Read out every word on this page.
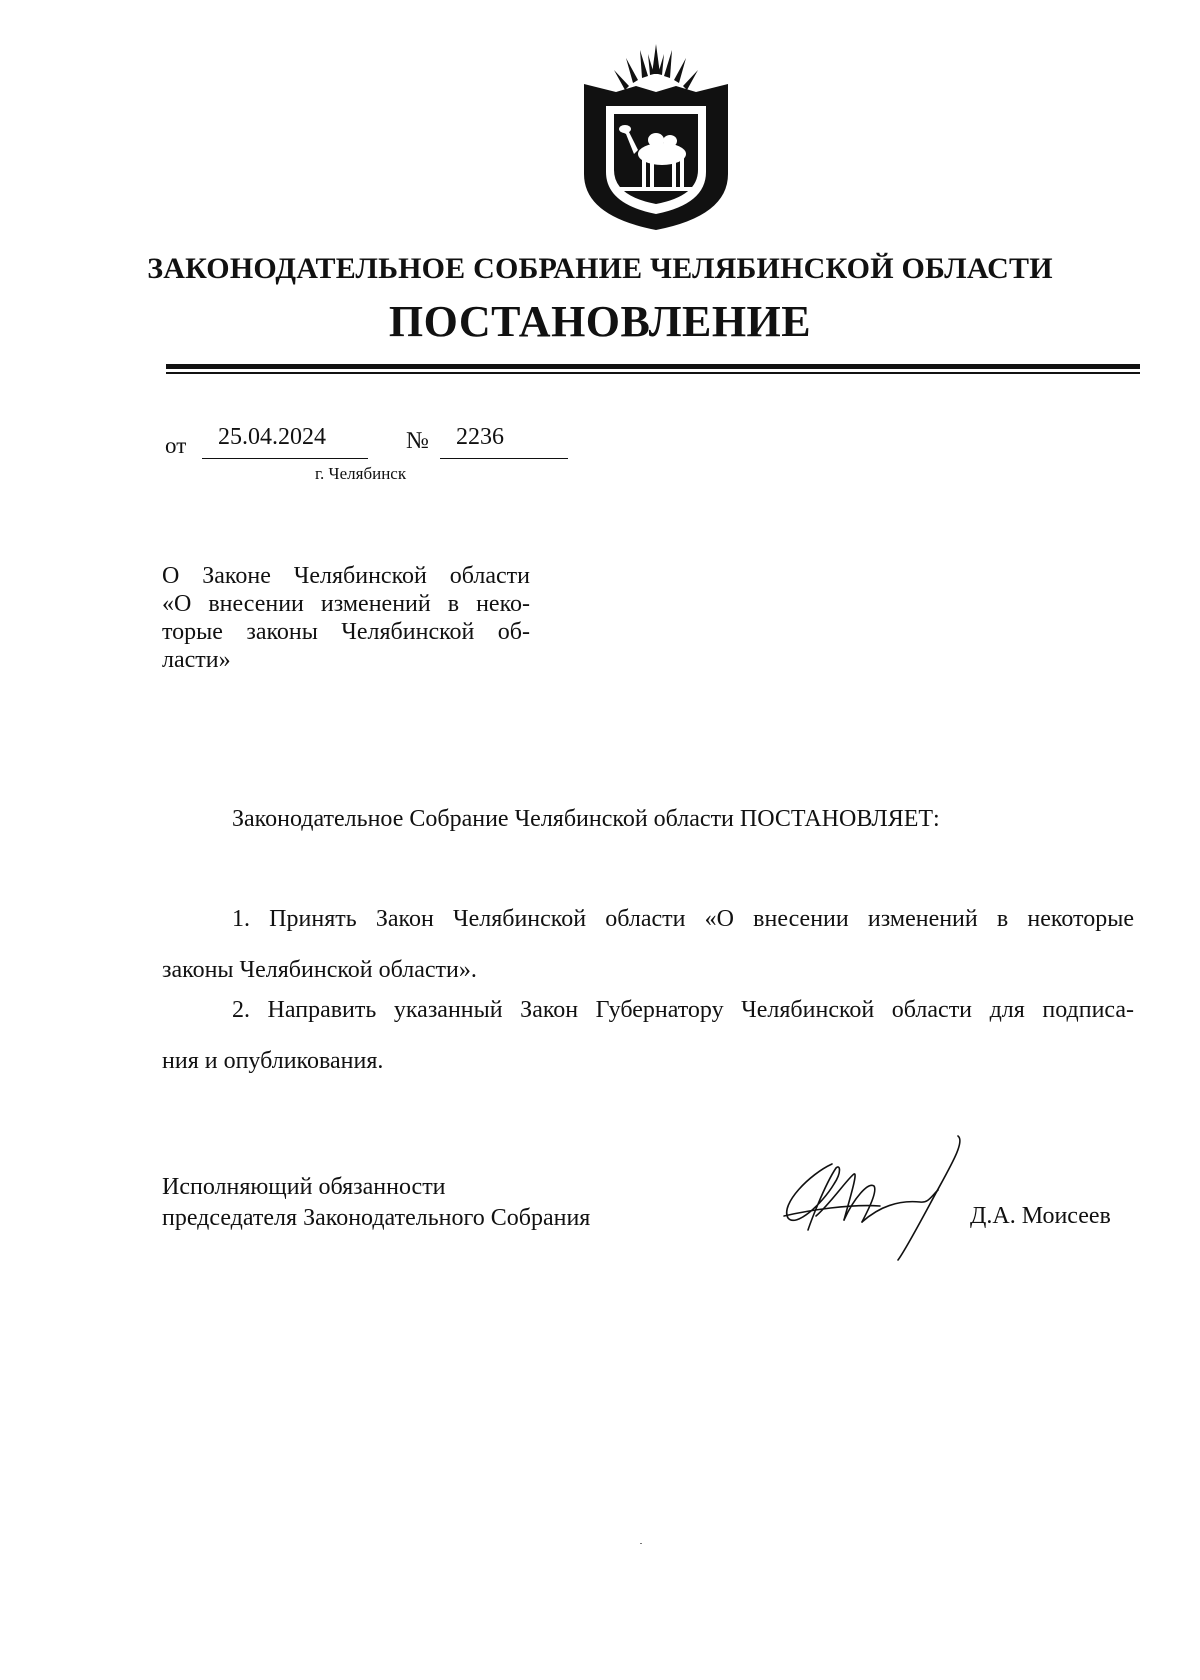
ЗАКОНОДАТЕЛЬНОЕ СОБРАНИЕ ЧЕЛЯБИНСКОЙ ОБЛАСТИ
ПОСТАНОВЛЕНИЕ
от 25.04.2024	№ 2236
г. Челябинск
О Законе Челябинской области
«О внесении изменений в неко-
торые законы Челябинской об-
ласти»
Законодательное Собрание Челябинской области ПОСТАНОВЛЯЕТ:
1. Принять Закон Челябинской области «О внесении изменений в некоторые
законы Челябинской области».
2. Направить указанный Закон Губернатору Челябинской области для подписа-
ния и опубликования.
Исполняющий обязанности
председателя Законодательного Собрания	Д.А. Моисеев
